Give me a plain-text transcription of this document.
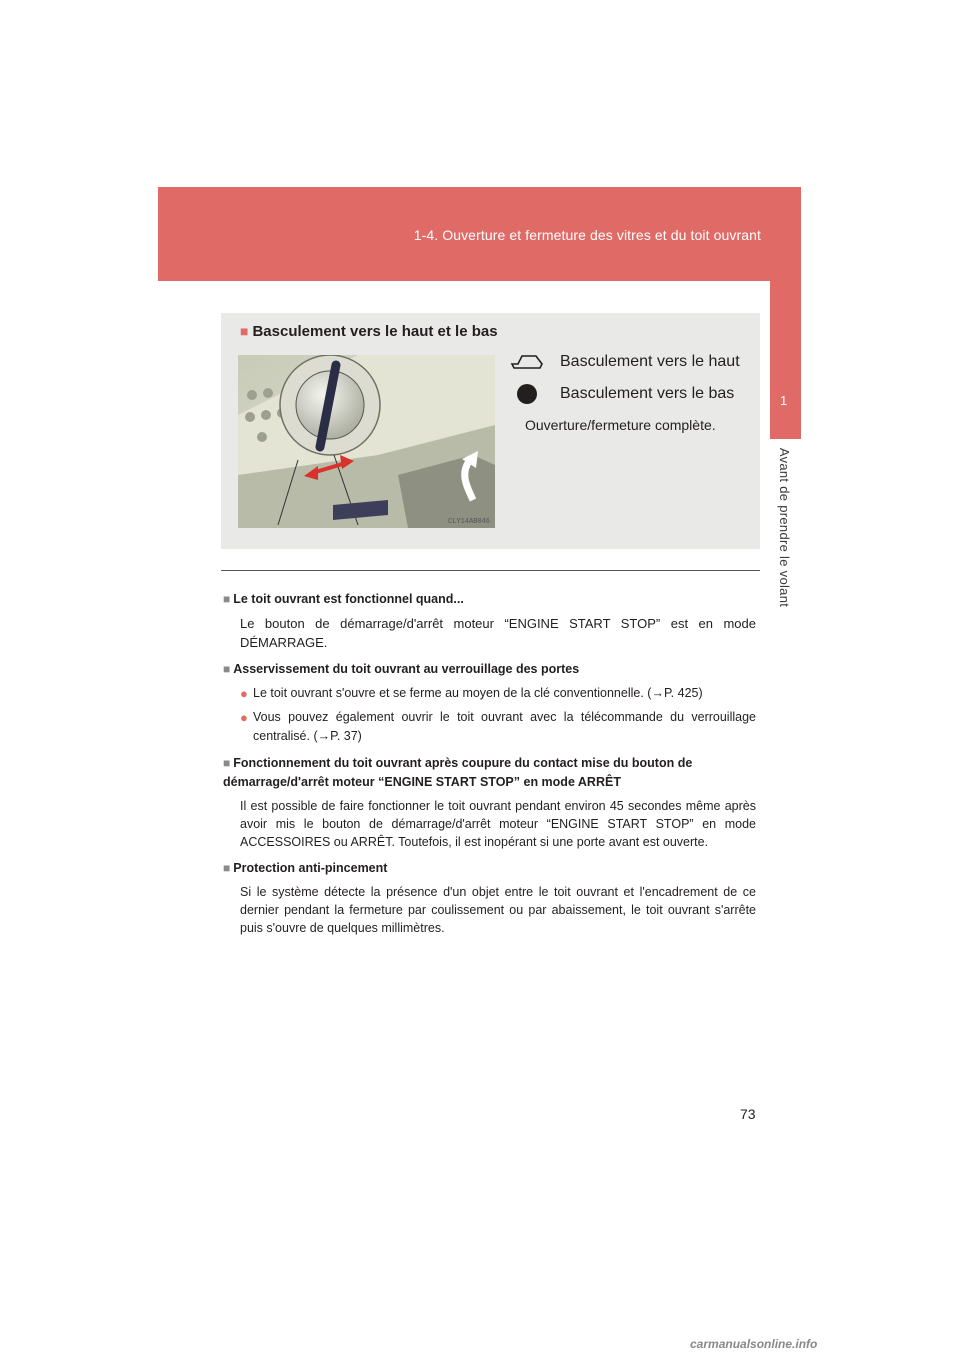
1-4. Ouverture et fermeture des vitres et du toit ouvrant
1
Avant de prendre le volant
■ Basculement vers le haut et le bas
CLY14AB046
Basculement vers le haut
Basculement vers le bas
Ouverture/fermeture complète.

■ Le toit ouvrant est fonctionnel quand...

Le bouton de démarrage/d'arrêt moteur “ENGINE START STOP” est en mode DÉMARRAGE.

■ Asservissement du toit ouvrant au verrouillage des portes

● Le toit ouvrant s'ouvre et se ferme au moyen de la clé conventionnelle. (→P. 425)
● Vous pouvez également ouvrir le toit ouvrant avec la télécommande du verrouillage centralisé. (→P. 37)

■ Fonctionnement du toit ouvrant après coupure du contact mise du bouton de démarrage/d'arrêt moteur “ENGINE START STOP” en mode ARRÊT

Il est possible de faire fonctionner le toit ouvrant pendant environ 45 secondes même après avoir mis le bouton de démarrage/d'arrêt moteur “ENGINE START STOP” en mode ACCESSOIRES ou ARRÊT. Toutefois, il est inopérant si une porte avant est ouverte.

■ Protection anti-pincement

Si le système détecte la présence d'un objet entre le toit ouvrant et l'encadrement de ce dernier pendant la fermeture par coulissement ou par abaissement, le toit ouvrant s'arrête puis s'ouvre de quelques millimètres.

73
carmanualsonline.info
